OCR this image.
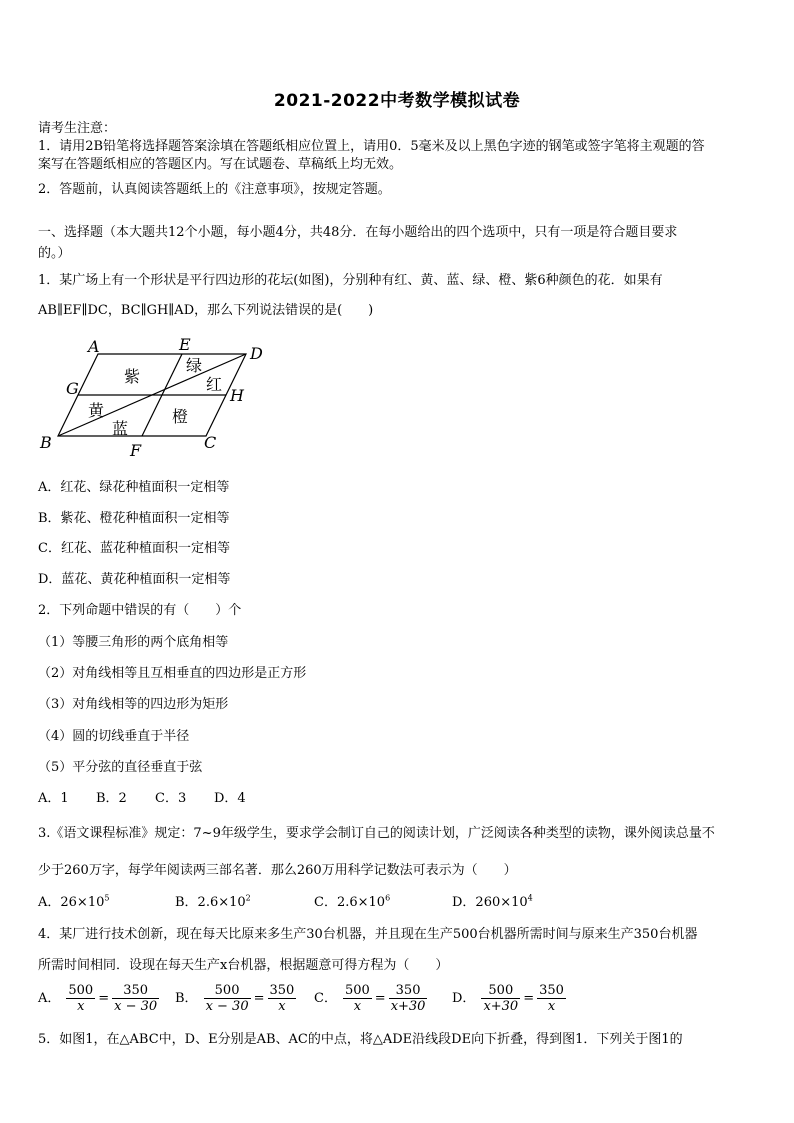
2021-2022中考数学模拟试卷
请考生注意：
1．请用2B铅笔将选择题答案涂填在答题纸相应位置上，请用0．5毫米及以上黑色字迹的钢笔或签字笔将主观题的答
案写在答题纸相应的答题区内。写在试题卷、草稿纸上均无效。
2．答题前，认真阅读答题纸上的《注意事项》，按规定答题。
一、选择题（本大题共12个小题，每小题4分，共48分．在每小题给出的四个选项中，只有一项是符合题目要求
的。）
1．某广场上有一个形状是平行四边形的花坛(如图)，分别种有红、黄、蓝、绿、橙、紫6种颜色的花．如果有
AB∥EF∥DC，BC∥GH∥AD，那么下列说法错误的是(　　)
A	E	D
G	H
B	F	C
紫
绿
红
黄
蓝
橙
A．红花、绿花种植面积一定相等
B．紫花、橙花种植面积一定相等
C．红花、蓝花种植面积一定相等
D．蓝花、黄花种植面积一定相等
2．下列命题中错误的有（　　）个
（1）等腰三角形的两个底角相等
（2）对角线相等且互相垂直的四边形是正方形
（3）对角线相等的四边形为矩形
（4）圆的切线垂直于半径
（5）平分弦的直径垂直于弦
A．1 B．2 C．3 D．4
3.《语文课程标准》规定：7~9年级学生，要求学会制订自己的阅读计划，广泛阅读各种类型的读物，课外阅读总量不
少于260万字，每学年阅读两三部名著．那么260万用科学记数法可表示为（　　）
A．$26\times 10^5$	B．$2.6\times 10^2$	C．$2.6\times 10^6$	D．$260\times 10^4$
4．某厂进行技术创新，现在每天比原来多生产30台机器，并且现在生产500台机器所需时间与原来生产350台机器
所需时间相同．设现在每天生产x台机器，根据题意可得方程为（　　）
A． $\frac{500}{x} = \frac{350}{x - 30}$ B． $\frac{500}{x - 30} = \frac{350}{x}$ C． $\frac{500}{x} = \frac{350}{x+30}$ D． $\frac{500}{x+30} = \frac{350}{x}$
5．如图1，在△ABC中，D、E分别是AB、AC的中点，将△ADE沿线段DE向下折叠，得到图1．下列关于图1的
